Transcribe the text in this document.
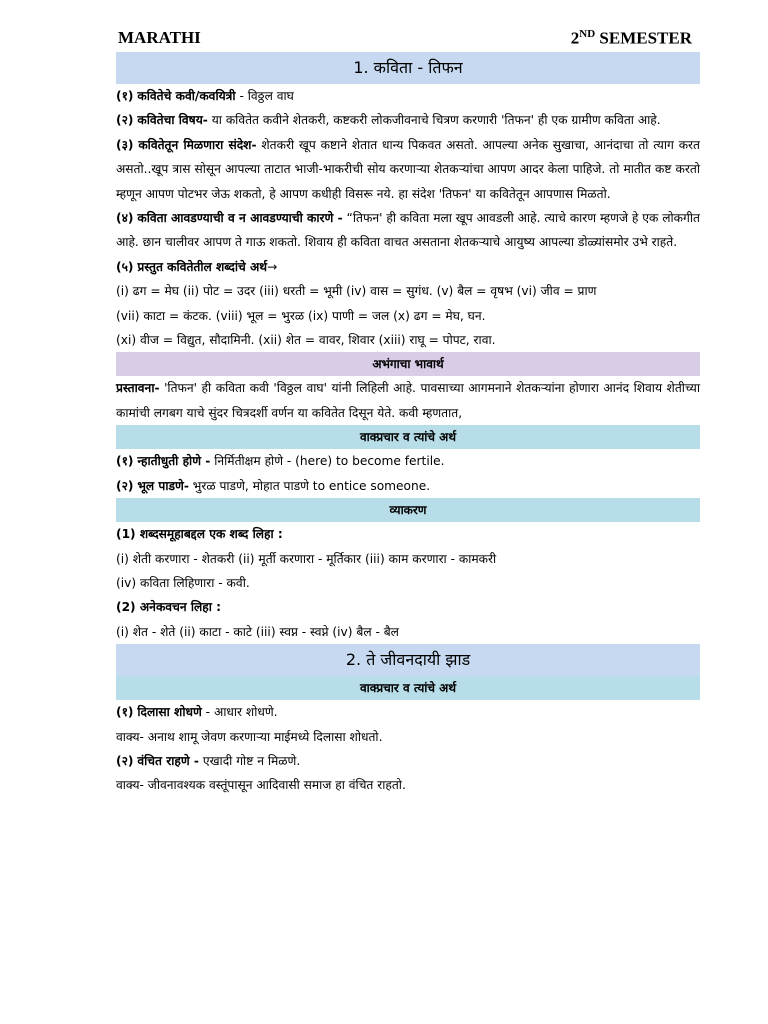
MARATHI	2ND SEMESTER
1. कविता - तिफन
(१) कवितेचे कवी/कवयित्री - विठ्ठल वाघ
(२) कवितेचा विषय- या कवितेत कवीने शेतकरी, कष्टकरी लोकजीवनाचे चित्रण करणारी 'तिफन' ही एक ग्रामीण कविता आहे.
(३) कवितेतून मिळणारा संदेश- शेतकरी खूप कष्टाने शेतात धान्य पिकवत असतो. आपल्या अनेक सुखाचा, आनंदाचा तो त्याग करत असतो..खूप त्रास सोसून आपल्या ताटात भाजी-भाकरीची सोय करणाऱ्या शेतकऱ्यांचा आपण आदर केला पाहिजे. तो मातीत कष्ट करतो म्हणून आपण पोटभर जेऊ शकतो, हे आपण कधीही विसरू नये. हा संदेश 'तिफन' या कवितेतून आपणास मिळतो.
(४) कविता आवडण्याची व न आवडण्याची कारणे - “तिफन' ही कविता मला खूप आवडली आहे. त्याचे कारण म्हणजे हे एक लोकगीत आहे. छान चालीवर आपण ते गाऊ शकतो. शिवाय ही कविता वाचत असताना शेतकऱ्याचे आयुष्य आपल्या डोळ्यांसमोर उभे राहते.
(५) प्रस्तुत कवितेतील शब्दांचे अर्थ→
(i) ढग = मेघ (ii) पोट = उदर (iii) धरती = भूमी (iv) वास = सुगंध. (v) बैल = वृषभ (vi) जीव = प्राण
(vii) काटा = कंटक. (viii) भूल = भुरळ (ix) पाणी = जल (x) ढग = मेघ, घन.
(xi) वीज = विद्युत, सौदामिनी. (xii) शेत = वावर, शिवार (xiii) राघू = पोपट, रावा.
अभंगाचा भावार्थ
प्रस्तावना- 'तिफन' ही कविता कवी 'विठ्ठल वाघ' यांनी लिहिली आहे. पावसाच्या आगमनाने शेतकऱ्यांना होणारा आनंद शिवाय शेतीच्या कामांची लगबग याचे सुंदर चित्रदर्शी वर्णन या कवितेत दिसून येते. कवी म्हणतात,
वाक्प्रचार व त्यांचे अर्थ
(१) न्हातीधुती होणे - निर्मितीक्षम होणे - (here) to become fertile.
(२) भूल पाडणे- भुरळ पाडणे, मोहात पाडणे to entice someone.
व्याकरण
(1) शब्दसमूहाबद्दल एक शब्द लिहा :
(i) शेती करणारा - शेतकरी (ii) मूर्ती करणारा - मूर्तिकार (iii) काम करणारा - कामकरी
(iv) कविता लिहिणारा - कवी.
(2) अनेकवचन लिहा :
(i) शेत - शेते (ii) काटा - काटे (iii) स्वप्न - स्वप्ने (iv) बैल - बैल
2. ते जीवनदायी झाड
वाक्प्रचार व त्यांचे अर्थ
(१) दिलासा शोधणे - आधार शोधणे.
वाक्य- अनाथ शामू जेवण करणाऱ्या माईमध्ये दिलासा शोधतो.
(२) वंचित राहणे - एखादी गोष्ट न मिळणे.
वाक्य- जीवनावश्यक वस्तूंपासून आदिवासी समाज हा वंचित राहतो.
